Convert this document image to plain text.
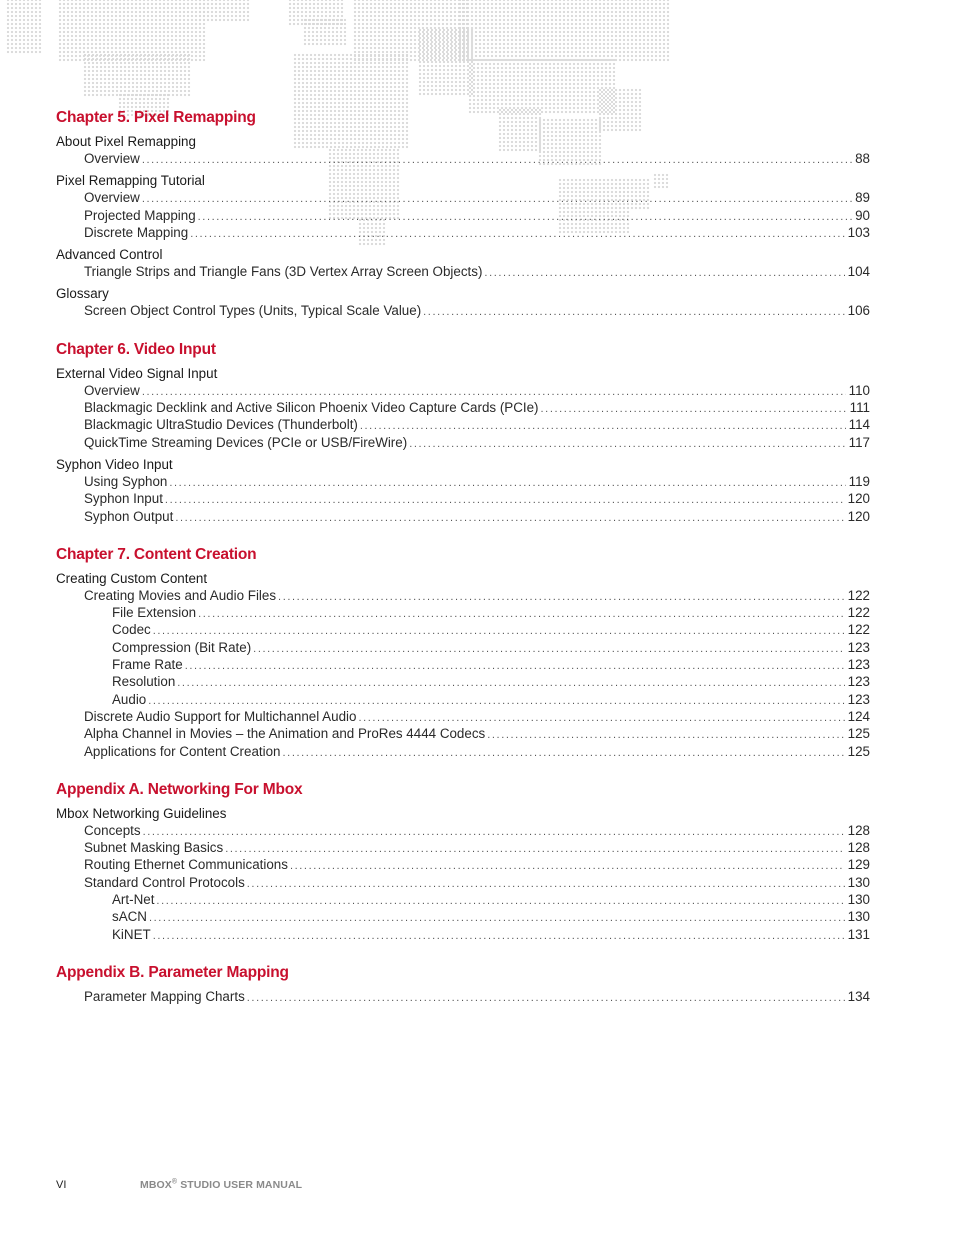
Chapter 5. Pixel Remapping
About Pixel Remapping
Overview .....	88
Pixel Remapping Tutorial
Overview .....	89
Projected Mapping .....	90
Discrete Mapping .....	103
Advanced Control
Triangle Strips and Triangle Fans (3D Vertex Array Screen Objects) .....	104
Glossary
Screen Object Control Types (Units, Typical Scale Value) .....	106
Chapter 6. Video Input
External Video Signal Input
Overview .....	110
Blackmagic Decklink and Active Silicon Phoenix Video Capture Cards (PCIe) .....	111
Blackmagic UltraStudio Devices (Thunderbolt) .....	114
QuickTime Streaming Devices (PCIe or USB/FireWire) .....	117
Syphon Video Input
Using Syphon .....	119
Syphon Input .....	120
Syphon Output .....	120
Chapter 7. Content Creation
Creating Custom Content
Creating Movies and Audio Files .....	122
File Extension .....	122
Codec .....	122
Compression (Bit Rate) .....	123
Frame Rate .....	123
Resolution .....	123
Audio .....	123
Discrete Audio Support for Multichannel Audio .....	124
Alpha Channel in Movies – the Animation and ProRes 4444 Codecs .....	125
Applications for Content Creation .....	125
Appendix A. Networking For Mbox
Mbox Networking Guidelines
Concepts .....	128
Subnet Masking Basics .....	128
Routing Ethernet Communications .....	129
Standard Control Protocols .....	130
Art-Net .....	130
sACN .....	130
KiNET .....	131
Appendix B. Parameter Mapping
Parameter Mapping Charts .....	134
VI	MBOX® STUDIO USER MANUAL
